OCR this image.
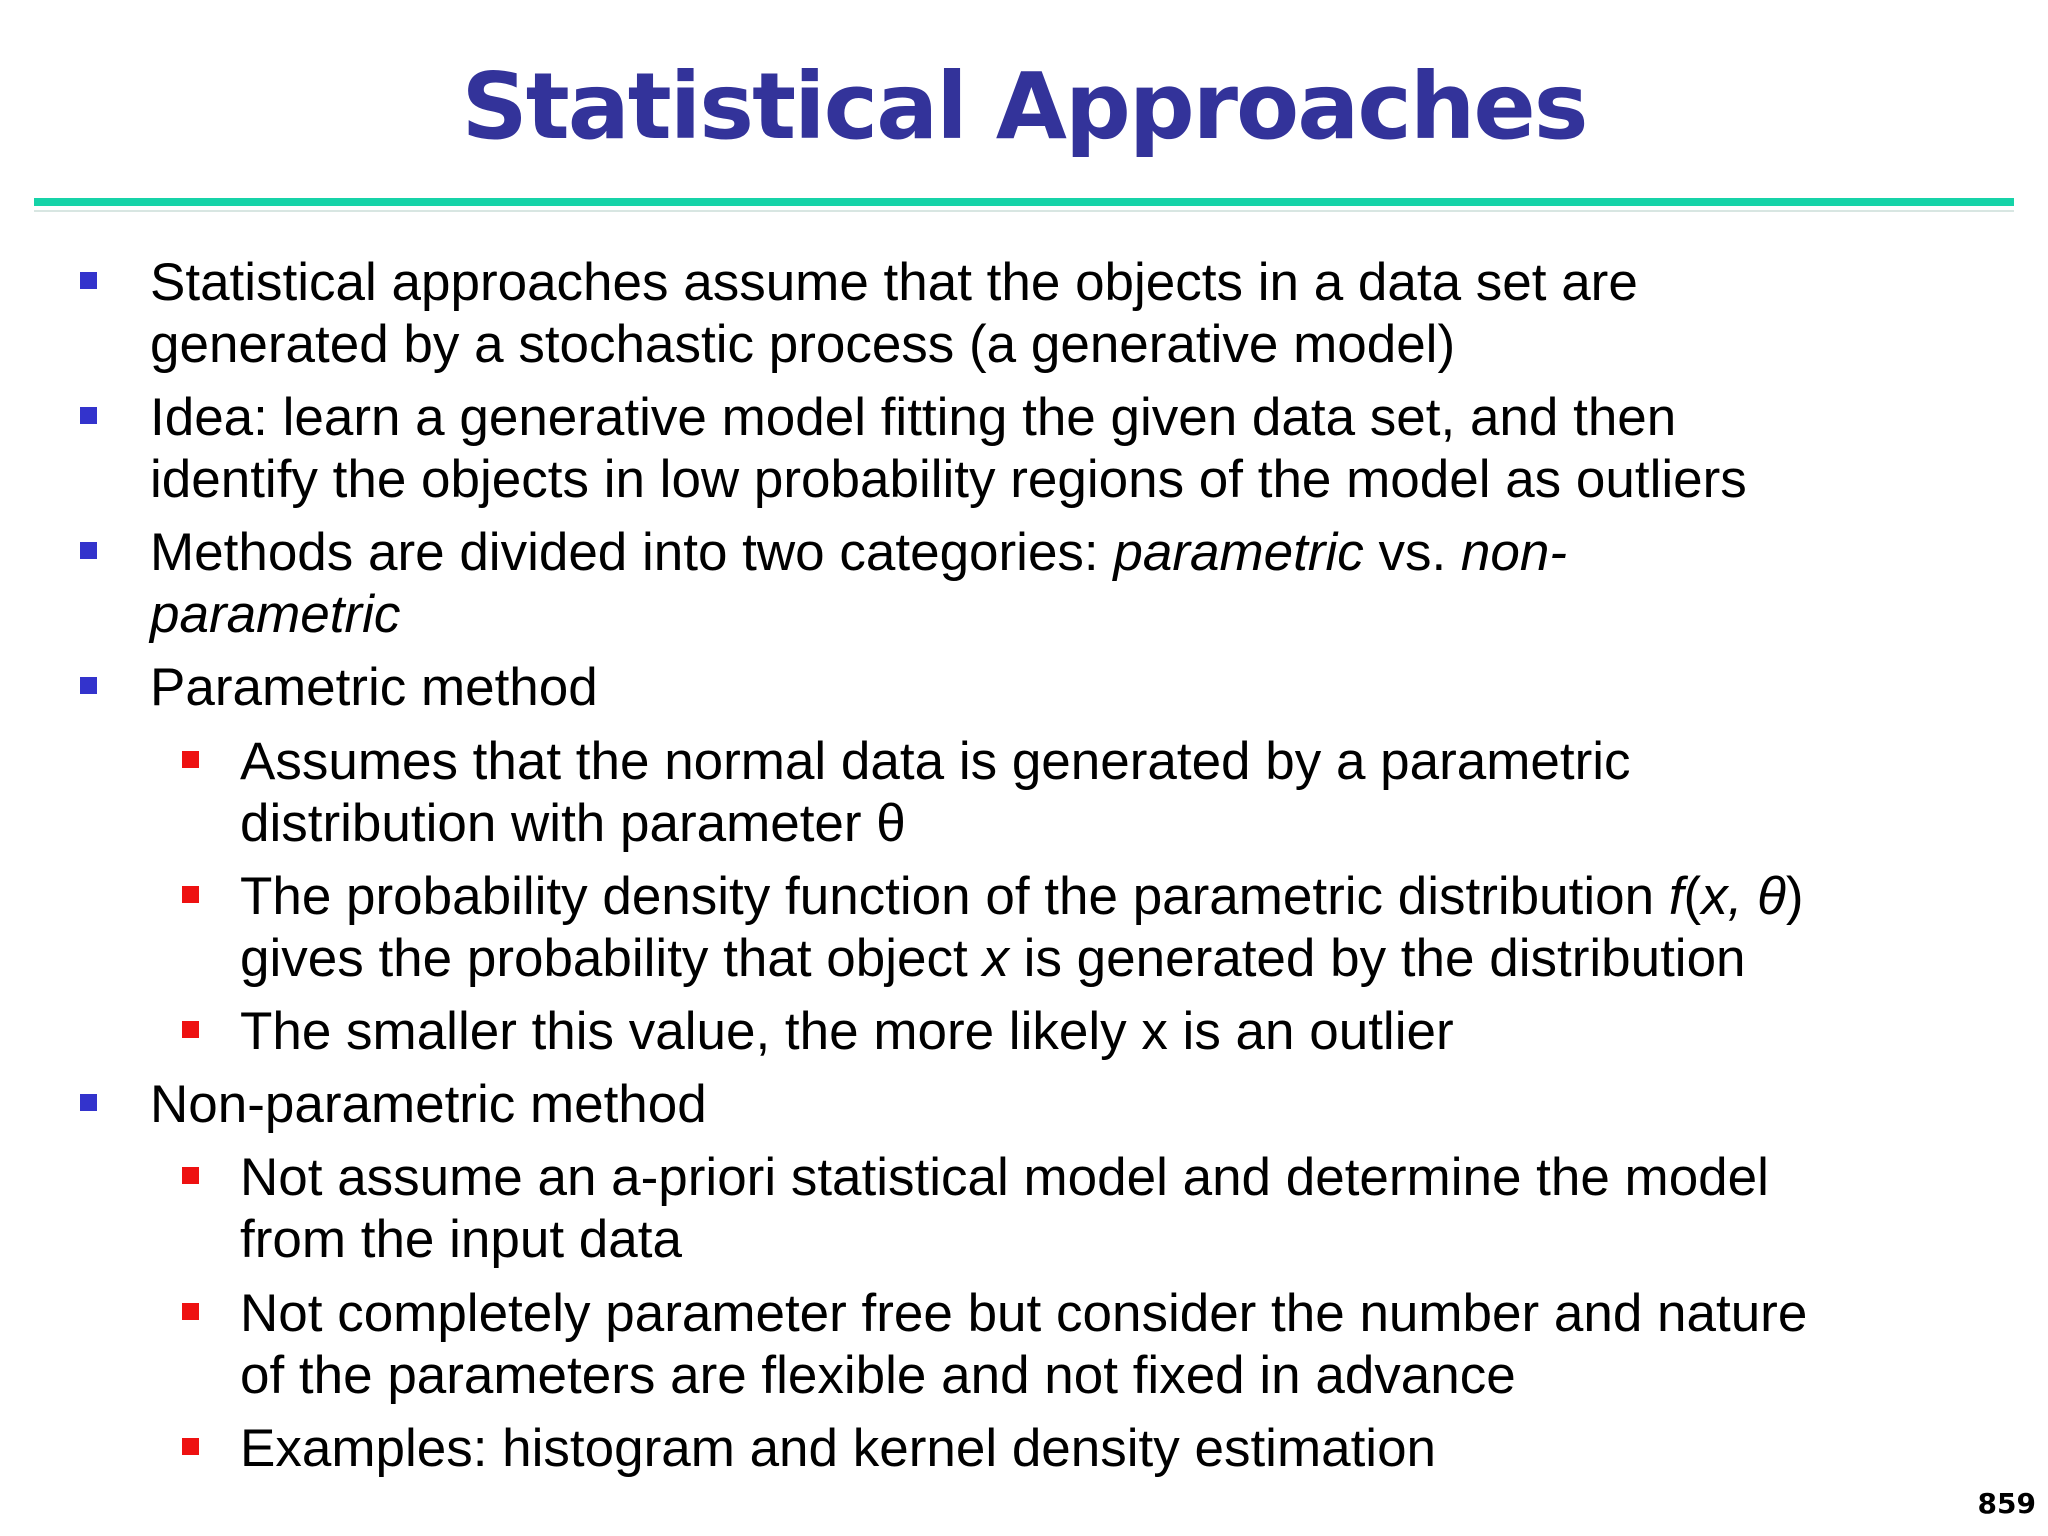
Statistical Approaches
Statistical approaches assume that the objects in a data set are
generated by a stochastic process (a generative model)
Idea: learn a generative model fitting the given data set, and then
identify the objects in low probability regions of the model as outliers
Methods are divided into two categories: parametric vs. non-
parametric
Parametric method
Assumes that the normal data is generated by a parametric
distribution with parameter θ
The probability density function of the parametric distribution f(x, θ)
gives the probability that object x is generated by the distribution
The smaller this value, the more likely x is an outlier
Non-parametric method
Not assume an a-priori statistical model and determine the model
from the input data
Not completely parameter free but consider the number and nature
of the parameters are flexible and not fixed in advance
Examples: histogram and kernel density estimation
859
